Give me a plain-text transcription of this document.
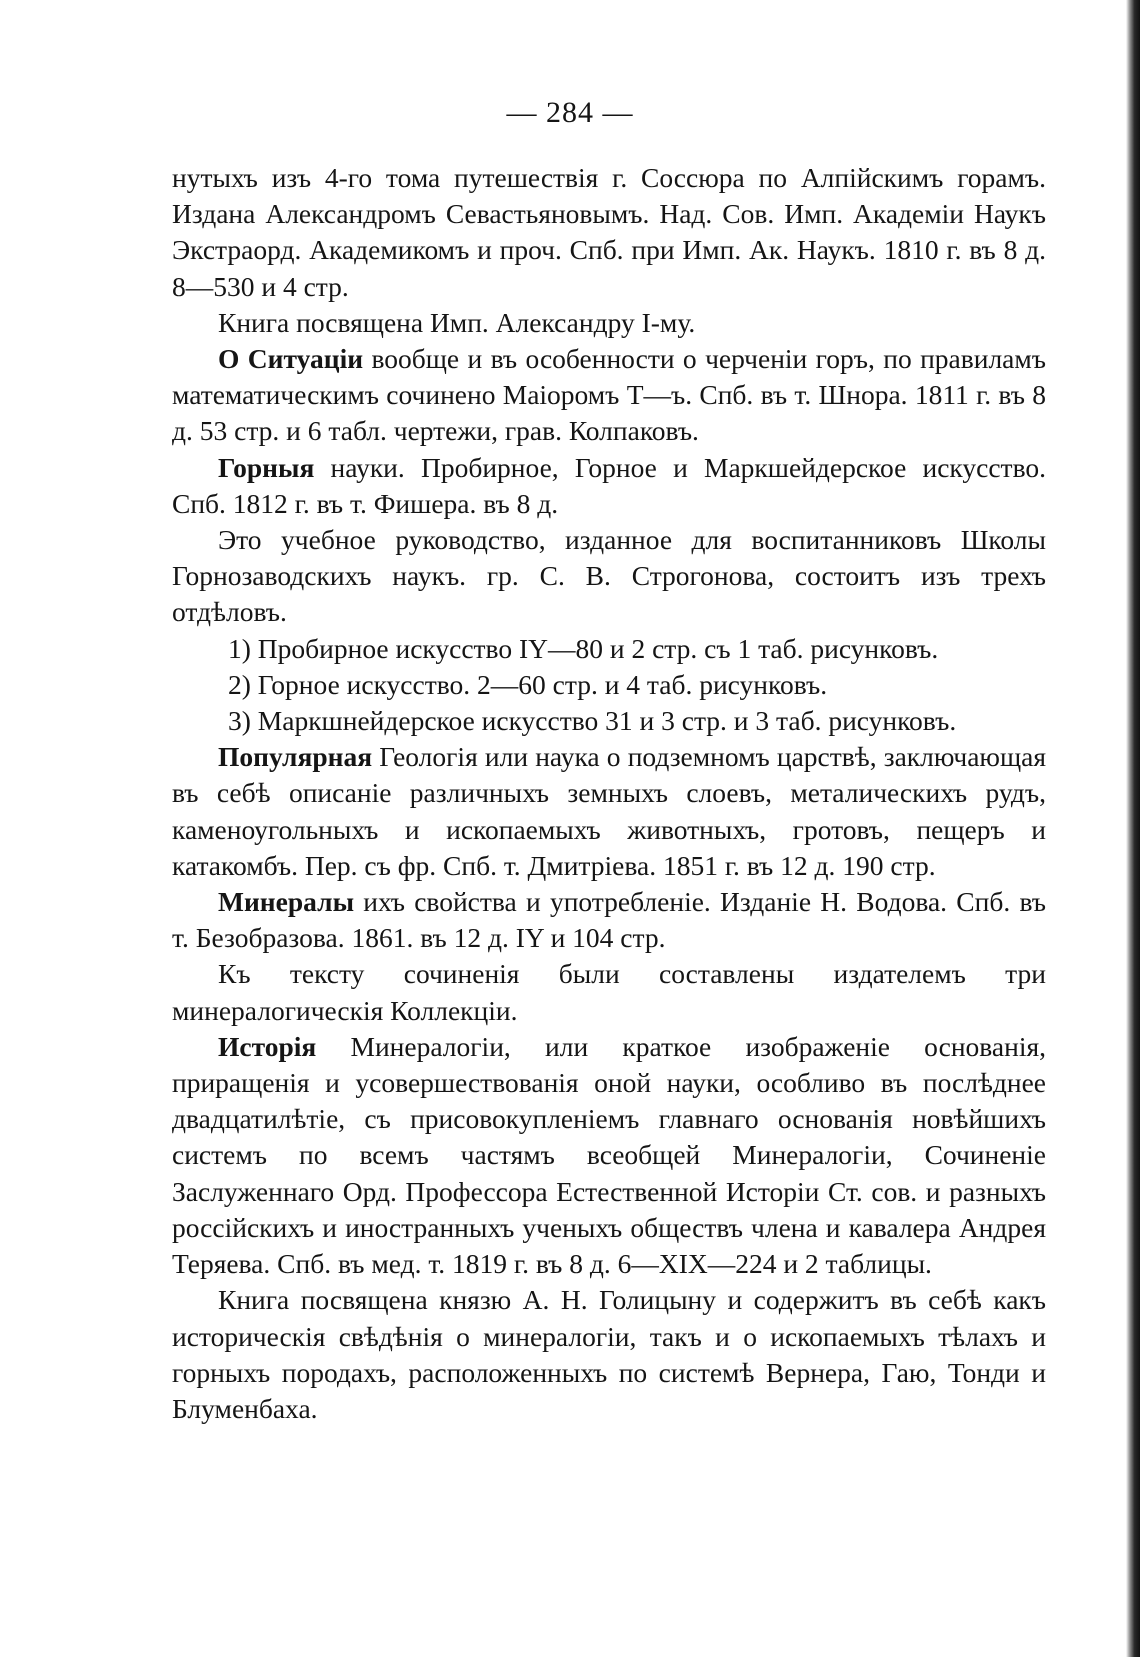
— 284 —

нутыхъ изъ 4-го тома путешествія г. Соссюра по Алпійскимъ горамъ. Издана Александромъ Севастьяновымъ. Над. Сов. Имп. Академіи Наукъ Экстраорд. Академикомъ и проч. Спб. при Имп. Ак. Наукъ. 1810 г. въ 8 д. 8—530 и 4 стр.

Книга посвящена Имп. Александру І-му.

О Ситуаціи вообще и въ особенности о черченіи горъ, по правиламъ математическимъ сочинено Маіоромъ Т—ъ. Спб. въ т. Шнора. 1811 г. въ 8 д. 53 стр. и 6 табл. чертежи, грав. Колпаковъ.

Горныя науки. Пробирное, Горное и Маркшейдерское искусство. Спб. 1812 г. въ т. Фишера. въ 8 д.

Это учебное руководство, изданное для воспитанниковъ Школы Горнозаводскихъ наукъ. гр. С. В. Строгонова, состоитъ изъ трехъ отдѣловъ.

1) Пробирное искусство IY—80 и 2 стр. съ 1 таб. рисунковъ.

2) Горное искусство. 2—60 стр. и 4 таб. рисунковъ.

3) Маркшнейдерское искусство 31 и 3 стр. и 3 таб. рисунковъ.

Популярная Геологія или наука о подземномъ царствѣ, заключающая въ себѣ описаніе различныхъ земныхъ слоевъ, металическихъ рудъ, каменоугольныхъ и ископаемыхъ животныхъ, гротовъ, пещеръ и катакомбъ. Пер. съ фр. Спб. т. Дмитріева. 1851 г. въ 12 д. 190 стр.

Минералы ихъ свойства и употребленіе. Изданіе Н. Водова. Спб. въ т. Безобразова. 1861. въ 12 д. IY и 104 стр.

Къ тексту сочиненія были составлены издателемъ три минералогическія Коллекціи.

Исторія Минералогіи, или краткое изображеніе основанія, приращенія и усовершествованія оной науки, особливо въ послѣднее двадцатилѣтіе, съ присовокупленіемъ главнаго основанія новѣйшихъ системъ по всемъ частямъ всеобщей Минералогіи, Сочиненіе Заслуженнаго Орд. Профессора Естественной Исторіи Ст. сов. и разныхъ россійскихъ и иностранныхъ ученыхъ обществъ члена и кавалера Андрея Теряева. Спб. въ мед. т. 1819 г. въ 8 д. 6—XIX—224 и 2 таблицы.

Книга посвящена князю А. Н. Голицыну и содержитъ въ себѣ какъ историческія свѣдѣнія о минералогіи, такъ и о ископаемыхъ тѣлахъ и горныхъ породахъ, расположенныхъ по системѣ Вернера, Гаю, Тонди и Блуменбаха.
